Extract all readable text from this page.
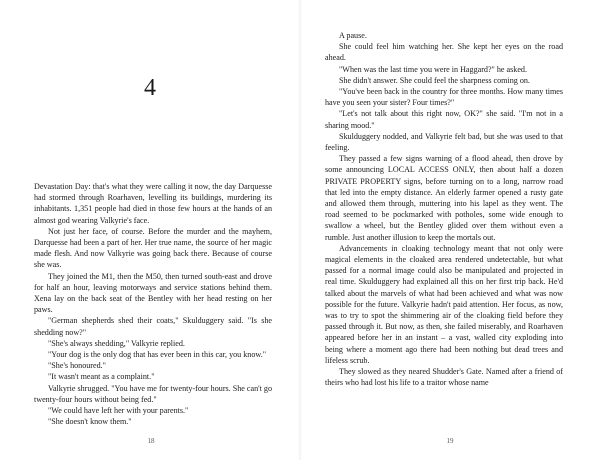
4

Devastation Day: that's what they were calling it now, the day Darquesse had stormed through Roarhaven, levelling its buildings, murdering its inhabitants. 1,351 people had died in those few hours at the hands of an almost god wearing Valkyrie's face.

Not just her face, of course. Before the murder and the mayhem, Darquesse had been a part of her. Her true name, the source of her magic made flesh. And now Valkyrie was going back there. Because of course she was.

They joined the M1, then the M50, then turned south-east and drove for half an hour, leaving motorways and service stations behind them. Xena lay on the back seat of the Bentley with her head resting on her paws.

"German shepherds shed their coats," Skulduggery said. "Is she shedding now?"

"She's always shedding," Valkyrie replied.

"Your dog is the only dog that has ever been in this car, you know."

"She's honoured."

"It wasn't meant as a complaint."

Valkyrie shrugged. "You have me for twenty-four hours. She can't go twenty-four hours without being fed."

"We could have left her with your parents."

"She doesn't know them."

18	19

A pause.

She could feel him watching her. She kept her eyes on the road ahead.

"When was the last time you were in Haggard?" he asked.

She didn't answer. She could feel the sharpness coming on.

"You've been back in the country for three months. How many times have you seen your sister? Four times?"

"Let's not talk about this right now, OK?" she said. "I'm not in a sharing mood."

Skulduggery nodded, and Valkyrie felt bad, but she was used to that feeling.

They passed a few signs warning of a flood ahead, then drove by some announcing LOCAL ACCESS ONLY, then about half a dozen PRIVATE PROPERTY signs, before turning on to a long, narrow road that led into the empty distance. An elderly farmer opened a rusty gate and allowed them through, muttering into his lapel as they went. The road seemed to be pockmarked with potholes, some wide enough to swallow a wheel, but the Bentley glided over them without even a rumble. Just another illusion to keep the mortals out.

Advancements in cloaking technology meant that not only were magical elements in the cloaked area rendered undetectable, but what passed for a normal image could also be manipulated and projected in real time. Skulduggery had explained all this on her first trip back. He'd talked about the marvels of what had been achieved and what was now possible for the future. Valkyrie hadn't paid attention. Her focus, as now, was to try to spot the shimmering air of the cloaking field before they passed through it. But now, as then, she failed miserably, and Roarhaven appeared before her in an instant – a vast, walled city exploding into being where a moment ago there had been nothing but dead trees and lifeless scrub.

They slowed as they neared Shudder's Gate. Named after a friend of theirs who had lost his life to a traitor whose name
